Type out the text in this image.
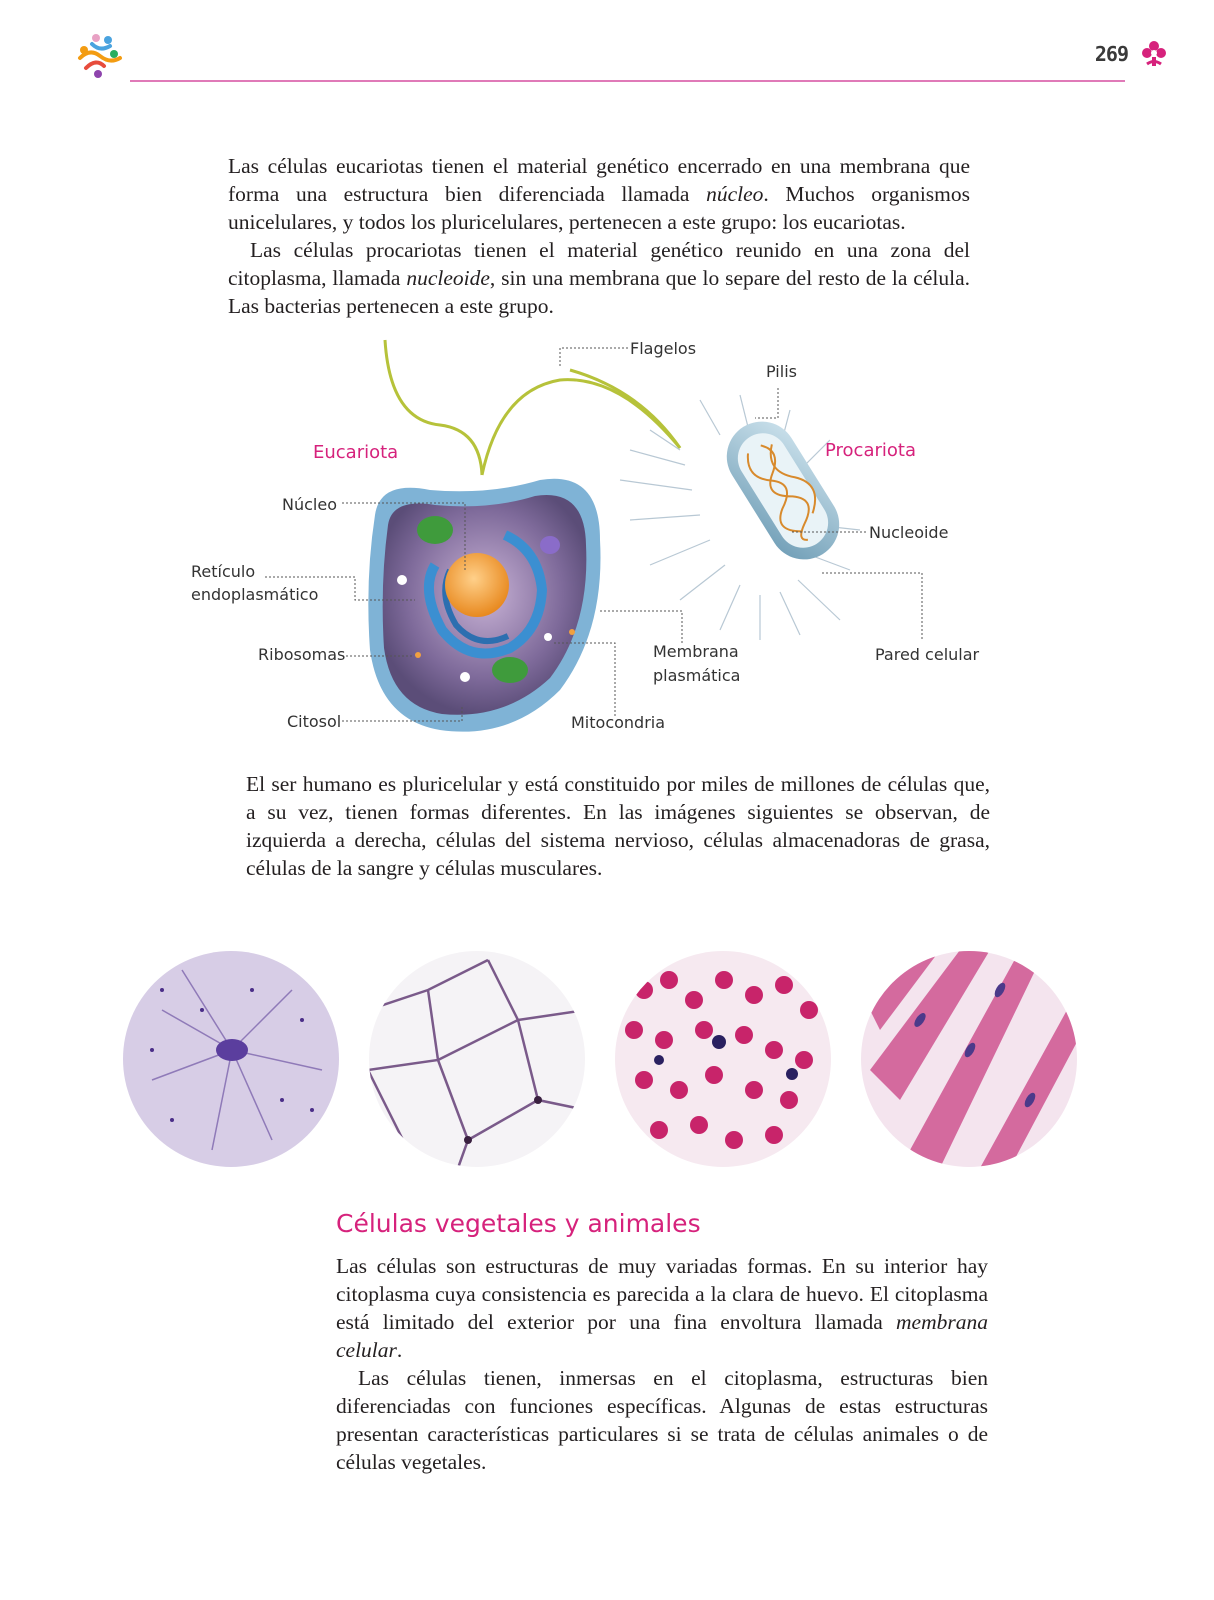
269

Las células eucariotas tienen el material genético encerrado en una membrana que forma una estructura bien diferenciada llamada núcleo. Muchos organismos unicelulares, y todos los pluricelulares, pertenecen a este grupo: los eucariotas.

Las células procariotas tienen el material genético reunido en una zona del citoplasma, llamada nucleoide, sin una membrana que lo separe del resto de la célula. Las bacterias pertenecen a este grupo.

Eucariota	Procariota
Flagelos
Pilis
Núcleo
Retículo
endoplasmático
Ribosomas
Citosol	Mitocondria
Membrana
plasmática
Nucleoide
Pared celular

El ser humano es pluricelular y está constituido por miles de millones de células que, a su vez, tienen formas diferentes. En las imágenes siguientes se observan, de izquierda a derecha, células del sistema nervioso, células almacenadoras de grasa, células de la sangre y células musculares.

Células vegetales y animales

Las células son estructuras de muy variadas formas. En su interior hay citoplasma cuya consistencia es parecida a la clara de huevo. El citoplasma está limitado del exterior por una fina envoltura llamada membrana celular.

Las células tienen, inmersas en el citoplasma, estructuras bien diferenciadas con funciones específicas. Algunas de estas estructuras presentan características particulares si se trata de células animales o de células vegetales.
